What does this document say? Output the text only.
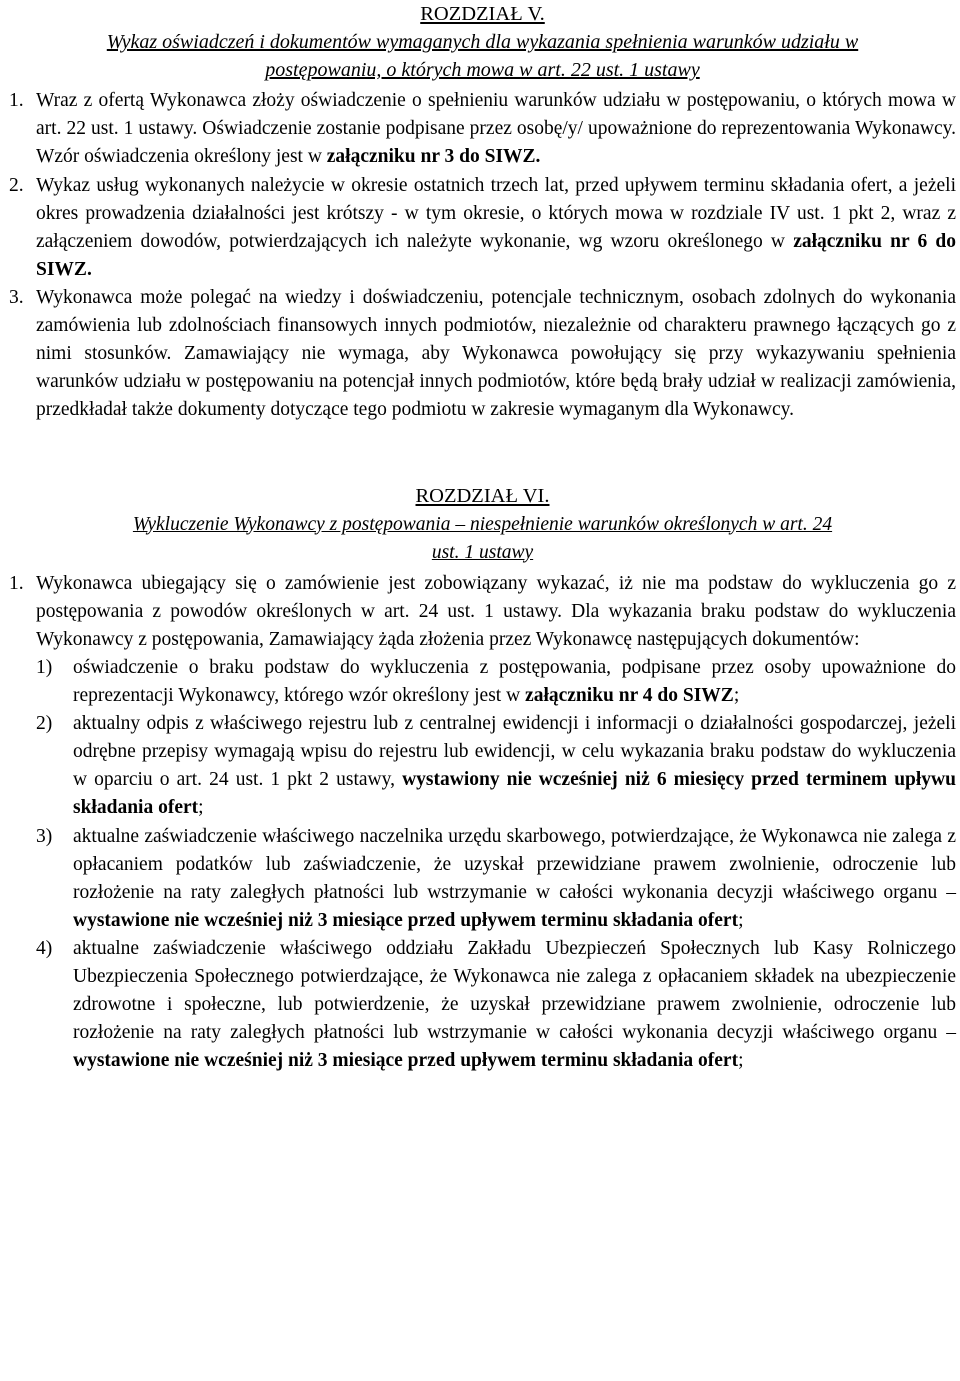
ROZDZIAŁ V.
Wykaz oświadczeń i dokumentów wymaganych dla wykazania spełnienia warunków udziału w
postępowaniu, o których mowa w art. 22 ust. 1 ustawy
1. Wraz z ofertą Wykonawca złoży oświadczenie o spełnieniu warunków udziału w postępowaniu, o których mowa w art. 22 ust. 1 ustawy. Oświadczenie zostanie podpisane przez osobę/y/ upoważnione do reprezentowania Wykonawcy. Wzór oświadczenia określony jest w załączniku nr 3 do SIWZ.
2. Wykaz usług wykonanych należycie w okresie ostatnich trzech lat, przed upływem terminu składania ofert, a jeżeli okres prowadzenia działalności jest krótszy - w tym okresie, o których mowa w rozdziale IV ust. 1 pkt 2, wraz z załączeniem dowodów, potwierdzających ich należyte wykonanie, wg wzoru określonego w załączniku nr 6 do SIWZ.
3. Wykonawca może polegać na wiedzy i doświadczeniu, potencjale technicznym, osobach zdolnych do wykonania zamówienia lub zdolnościach finansowych innych podmiotów, niezależnie od charakteru prawnego łączących go z nimi stosunków. Zamawiający nie wymaga, aby Wykonawca powołujący się przy wykazywaniu spełnienia warunków udziału w postępowaniu na potencjał innych podmiotów, które będą brały udział w realizacji zamówienia, przedkładał także dokumenty dotyczące tego podmiotu w zakresie wymaganym dla Wykonawcy.
ROZDZIAŁ VI.
Wykluczenie Wykonawcy z postępowania – niespełnienie warunków określonych w art. 24
ust. 1 ustawy
1. Wykonawca ubiegający się o zamówienie jest zobowiązany wykazać, iż nie ma podstaw do wykluczenia go z postępowania z powodów określonych w art. 24 ust. 1 ustawy. Dla wykazania braku podstaw do wykluczenia Wykonawcy z postępowania, Zamawiający żąda złożenia przez Wykonawcę następujących dokumentów:
1)	oświadczenie o braku podstaw do wykluczenia z postępowania, podpisane przez osoby upoważnione do reprezentacji Wykonawcy, którego wzór określony jest w załączniku nr 4 do SIWZ;
2)	aktualny odpis z właściwego rejestru lub z centralnej ewidencji i informacji o działalności gospodarczej, jeżeli odrębne przepisy wymagają wpisu do rejestru lub ewidencji, w celu wykazania braku podstaw do wykluczenia w oparciu o art. 24 ust. 1 pkt 2 ustawy, wystawiony nie wcześniej niż 6 miesięcy przed terminem upływu składania ofert;
3)	aktualne zaświadczenie właściwego naczelnika urzędu skarbowego, potwierdzające, że Wykonawca nie zalega z opłacaniem podatków lub zaświadczenie, że uzyskał przewidziane prawem zwolnienie, odroczenie lub rozłożenie na raty zaległych płatności lub wstrzymanie w całości wykonania decyzji właściwego organu – wystawione nie wcześniej niż 3 miesiące przed upływem terminu składania ofert;
4)	aktualne zaświadczenie właściwego oddziału Zakładu Ubezpieczeń Społecznych lub Kasy Rolniczego Ubezpieczenia Społecznego potwierdzające, że Wykonawca nie zalega z opłacaniem składek na ubezpieczenie zdrowotne i społeczne, lub potwierdzenie, że uzyskał przewidziane prawem zwolnienie, odroczenie lub rozłożenie na raty zaległych płatności lub wstrzymanie w całości wykonania decyzji właściwego organu – wystawione nie wcześniej niż 3 miesiące przed upływem terminu składania ofert;
